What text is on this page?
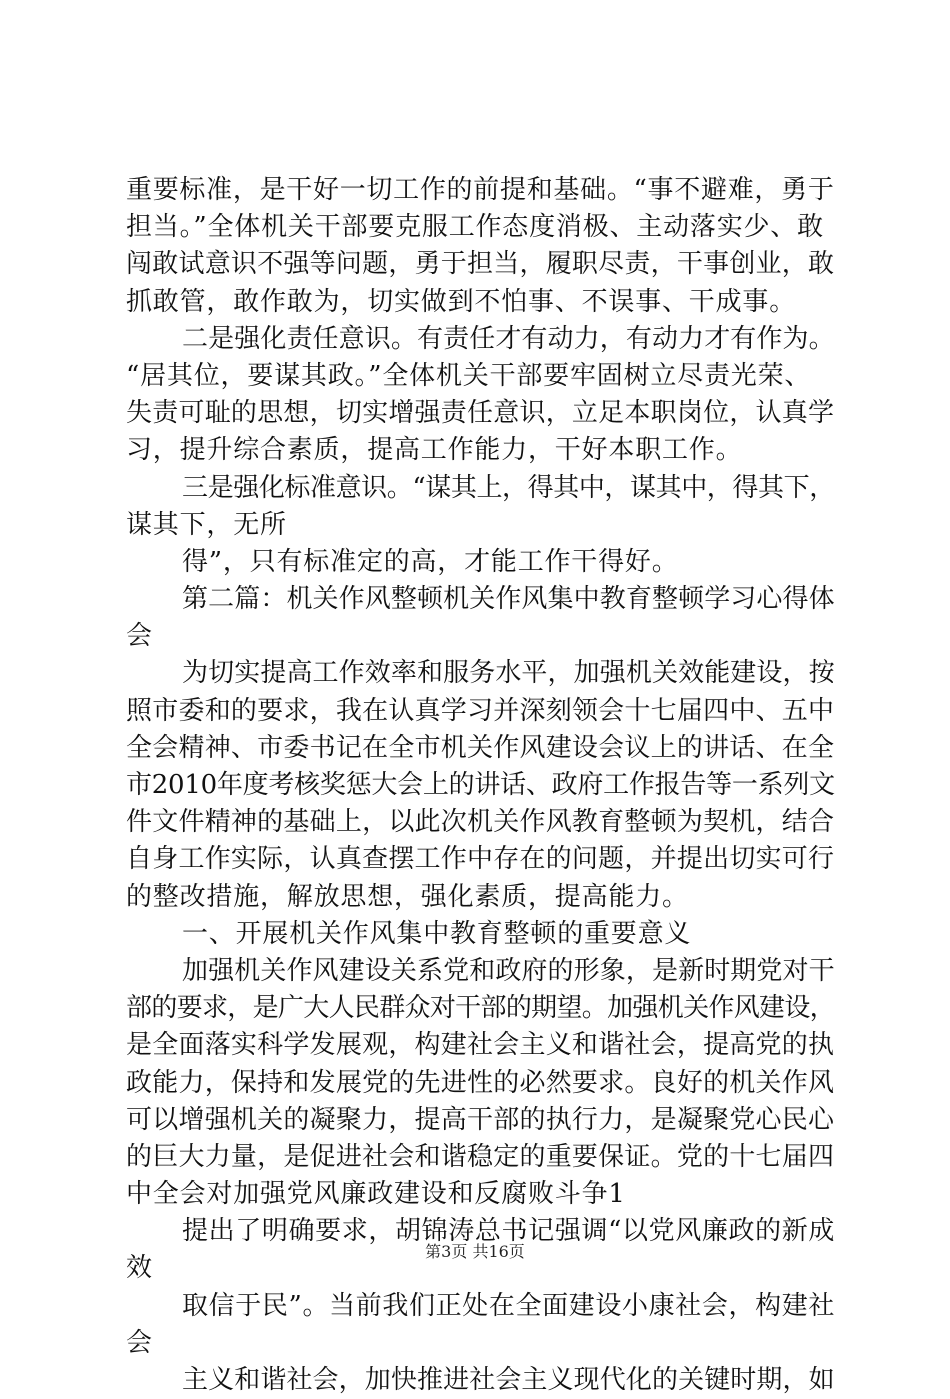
重要标准，是干好一切工作的前提和基础。“事不避难，勇于
担当。”全体机关干部要克服工作态度消极、主动落实少、敢
闯敢试意识不强等问题，勇于担当，履职尽责，干事创业，敢
抓敢管，敢作敢为，切实做到不怕事、不误事、干成事。
二是强化责任意识。有责任才有动力，有动力才有作为。
“居其位，要谋其政。”全体机关干部要牢固树立尽责光荣、
失责可耻的思想，切实增强责任意识，立足本职岗位，认真学
习，提升综合素质，提高工作能力，干好本职工作。
三是强化标准意识。“谋其上，得其中，谋其中，得其下，
谋其下，无所
得”，只有标准定的高，才能工作干得好。
第二篇：机关作风整顿机关作风集中教育整顿学习心得体
会
为切实提高工作效率和服务水平，加强机关效能建设，按
照市委和的要求，我在认真学习并深刻领会十七届四中、五中
全会精神、市委书记在全市机关作风建设会议上的讲话、在全
市2010年度考核奖惩大会上的讲话、政府工作报告等一系列文
件文件精神的基础上，以此次机关作风教育整顿为契机，结合
自身工作实际，认真查摆工作中存在的问题，并提出切实可行
的整改措施，解放思想，强化素质，提高能力。
一、开展机关作风集中教育整顿的重要意义
加强机关作风建设关系党和政府的形象，是新时期党对干
部的要求，是广大人民群众对干部的期望。加强机关作风建设，
是全面落实科学发展观，构建社会主义和谐社会，提高党的执
政能力，保持和发展党的先进性的必然要求。良好的机关作风
可以增强机关的凝聚力，提高干部的执行力，是凝聚党心民心
的巨大力量，是促进社会和谐稳定的重要保证。党的十七届四
中全会对加强党风廉政建设和反腐败斗争1
提出了明确要求，胡锦涛总书记强调“以党风廉政的新成
效
取信于民”。当前我们正处在全面建设小康社会，构建社
会
主义和谐社会，加快推进社会主义现代化的关键时期，如
第3页 共16页
